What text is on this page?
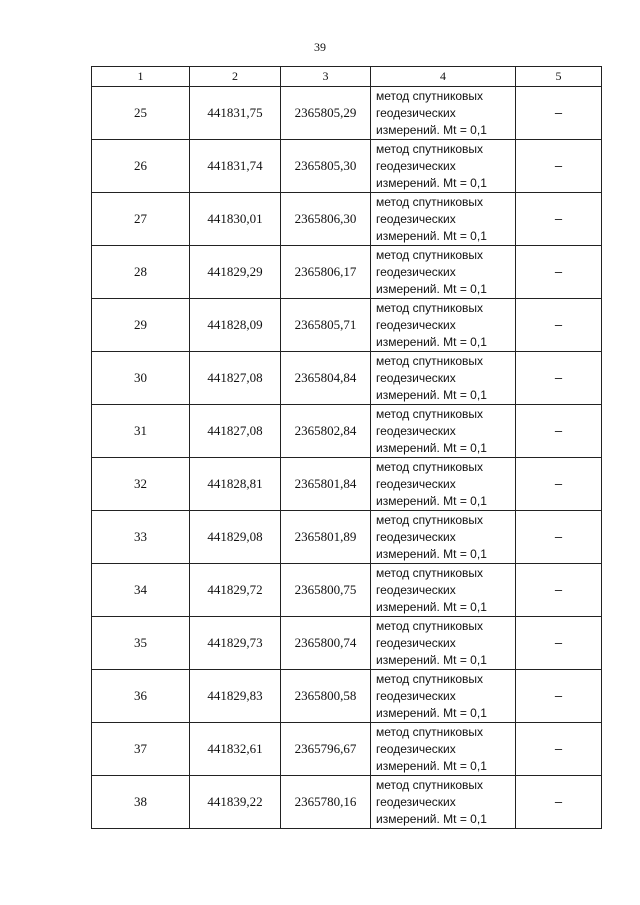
39
1	2	3	4	5
25	441831,75	2365805,29	метод спутниковых
геодезических
измерений. Mt = 0,1	–
26	441831,74	2365805,30	метод спутниковых
геодезических
измерений. Mt = 0,1	–
27	441830,01	2365806,30	метод спутниковых
геодезических
измерений. Mt = 0,1	–
28	441829,29	2365806,17	метод спутниковых
геодезических
измерений. Mt = 0,1	–
29	441828,09	2365805,71	метод спутниковых
геодезических
измерений. Mt = 0,1	–
30	441827,08	2365804,84	метод спутниковых
геодезических
измерений. Mt = 0,1	–
31	441827,08	2365802,84	метод спутниковых
геодезических
измерений. Mt = 0,1	–
32	441828,81	2365801,84	метод спутниковых
геодезических
измерений. Mt = 0,1	–
33	441829,08	2365801,89	метод спутниковых
геодезических
измерений. Mt = 0,1	–
34	441829,72	2365800,75	метод спутниковых
геодезических
измерений. Mt = 0,1	–
35	441829,73	2365800,74	метод спутниковых
геодезических
измерений. Mt = 0,1	–
36	441829,83	2365800,58	метод спутниковых
геодезических
измерений. Mt = 0,1	–
37	441832,61	2365796,67	метод спутниковых
геодезических
измерений. Mt = 0,1	–
38	441839,22	2365780,16	метод спутниковых
геодезических
измерений. Mt = 0,1	–
